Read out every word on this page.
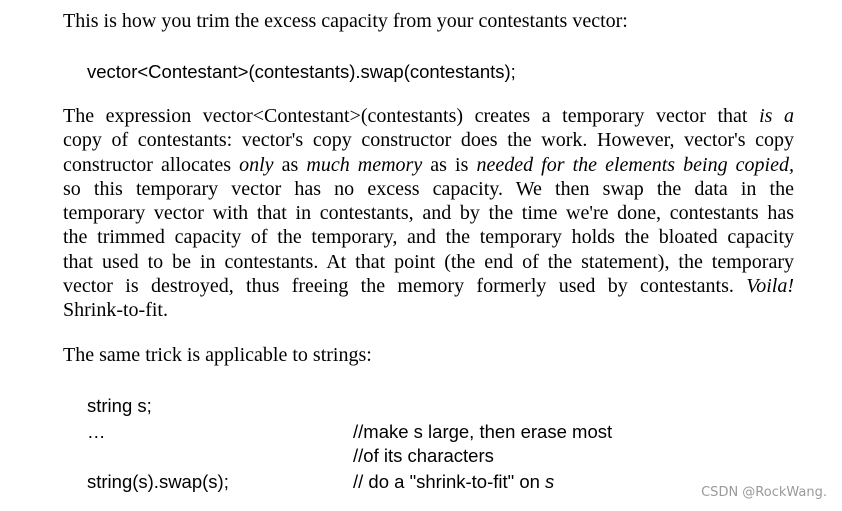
This is how you trim the excess capacity from your contestants vector:
vector<Contestant>(contestants).swap(contestants);
The expression vector<Contestant>(contestants) creates a temporary vector that is a
copy of contestants: vector's copy constructor does the work. However, vector's copy
constructor allocates only as much memory as is needed for the elements being copied,
so this temporary vector has no excess capacity. We then swap the data in the
temporary vector with that in contestants, and by the time we're done, contestants has
the trimmed capacity of the temporary, and the temporary holds the bloated capacity
that used to be in contestants. At that point (the end of the statement), the temporary
vector is destroyed, thus freeing the memory formerly used by contestants. Voila!
Shrink-to-fit.
The same trick is applicable to strings:
string s;
…	//make s large, then erase most
//of its characters
string(s).swap(s);	// do a "shrink-to-fit" on s
CSDN @RockWang.
